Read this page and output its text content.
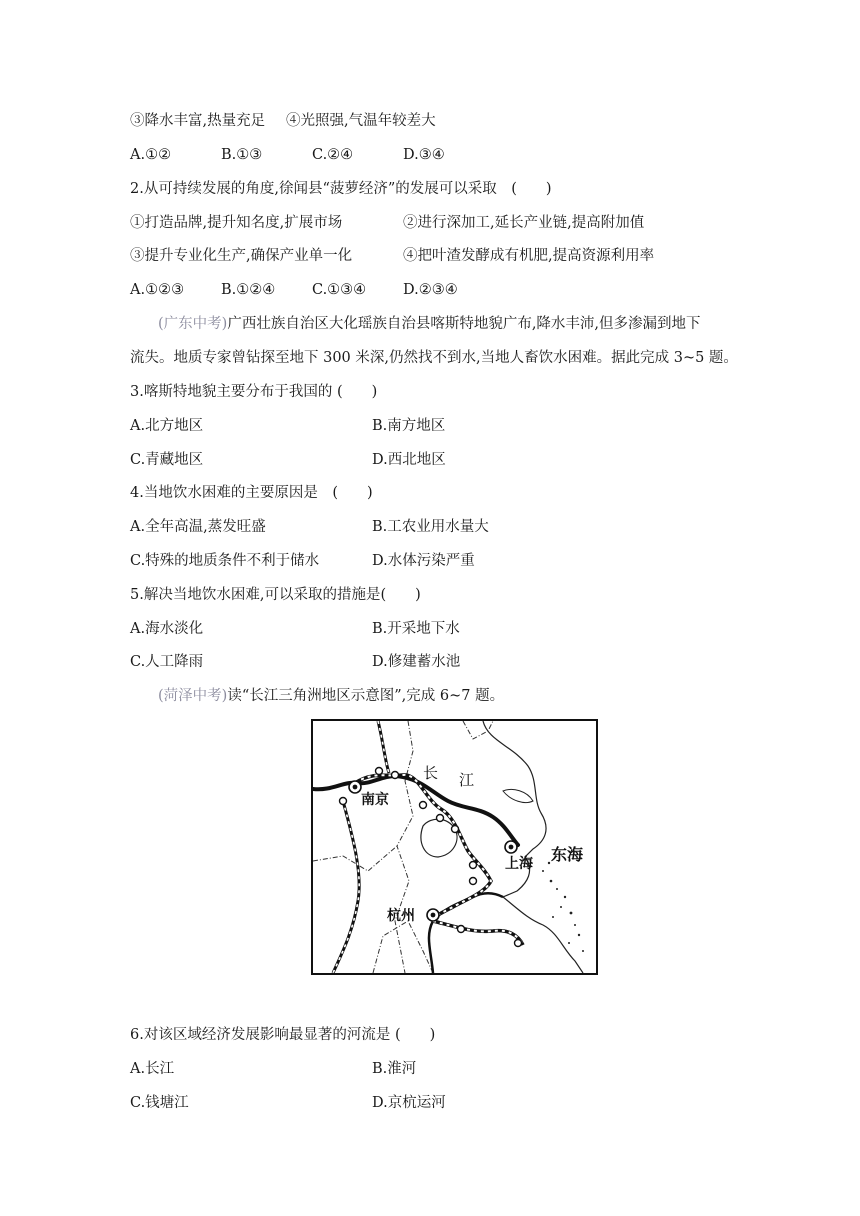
③降水丰富,热量充足 ④光照强,气温年较差大
A.①②	B.①③	C.②④	D.③④
2.从可持续发展的角度,徐闻县“菠萝经济”的发展可以采取　(　　)
①打造品牌,提升知名度,扩展市场	②进行深加工,延长产业链,提高附加值
③提升专业化生产,确保产业单一化	④把叶渣发酵成有机肥,提高资源利用率
A.①②③	B.①②④	C.①③④	D.②③④
(广东中考)广西壮族自治区大化瑶族自治县喀斯特地貌广布,降水丰沛,但多渗漏到地下
流失。地质专家曾钻探至地下 300 米深,仍然找不到水,当地人畜饮水困难。据此完成 3~5 题。
3.喀斯特地貌主要分布于我国的 (　　)
A.北方地区	B.南方地区
C.青藏地区	D.西北地区
4.当地饮水困难的主要原因是　(　　)
A.全年高温,蒸发旺盛	B.工农业用水量大
C.特殊的地质条件不利于储水	D.水体污染严重
5.解决当地饮水困难,可以采取的措施是(　　)
A.海水淡化	B.开采地下水
C.人工降雨	D.修建蓄水池
(菏泽中考)读“长江三角洲地区示意图”,完成 6~7 题。
南京
上海
杭州
东海
长 江
6.对该区域经济发展影响最显著的河流是 (　　)
A.长江	B.淮河
C.钱塘江	D.京杭运河
